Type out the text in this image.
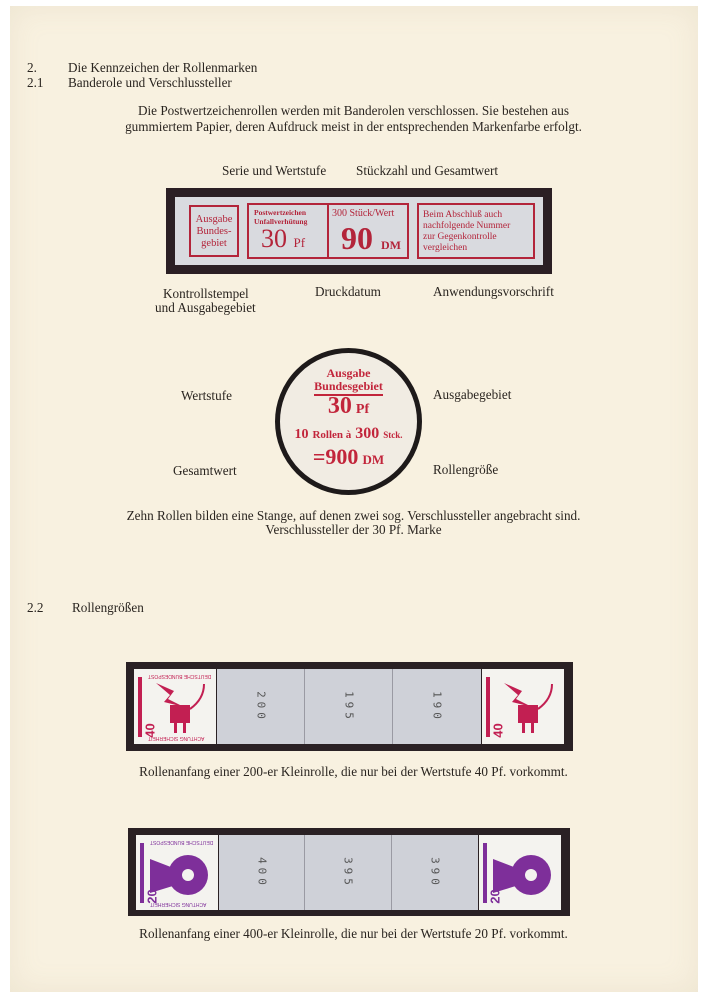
2. Die Kennzeichen der Rollenmarken
2.1 Banderole und Verschlussteller
Die Postwertzeichenrollen werden mit Banderolen verschlossen. Sie bestehen aus
gummiertem Papier, deren Aufdruck meist in der entsprechenden Markenfarbe erfolgt.
Serie und Wertstufe Stückzahl und Gesamtwert
Ausgabe
Bundes-
gebiet
Postwertzeichen
Unfallverhütung
30 Pf
300 Stück/Wert
90 DM
Beim Abschluß auch
nachfolgende Nummer
zur Gegenkontrolle
vergleichen
Kontrollstempel
und Ausgabegebiet
Druckdatum	Anwendungsvorschrift
Wertstufe
Gesamtwert
Ausgabegebiet
Rollengröße
Ausgabe
Bundesgebiet
30 Pf
10 Rollen à 300 Stck.
=900 DM
Zehn Rollen bilden eine Stange, auf denen zwei sog. Verschlussteller angebracht sind.
Verschlussteller der 30 Pf. Marke
2.2 Rollengrößen
DEUTSCHE BUNDESPOST
ACHTUNG SICHERHEIT
40
200	195	190
40
Rollenanfang einer 200-er Kleinrolle, die nur bei der Wertstufe 40 Pf. vorkommt.
DEUTSCHE BUNDESPOST
ACHTUNG SICHERHEIT
20
400	395	390
20
Rollenanfang einer 400-er Kleinrolle, die nur bei der Wertstufe 20 Pf. vorkommt.
